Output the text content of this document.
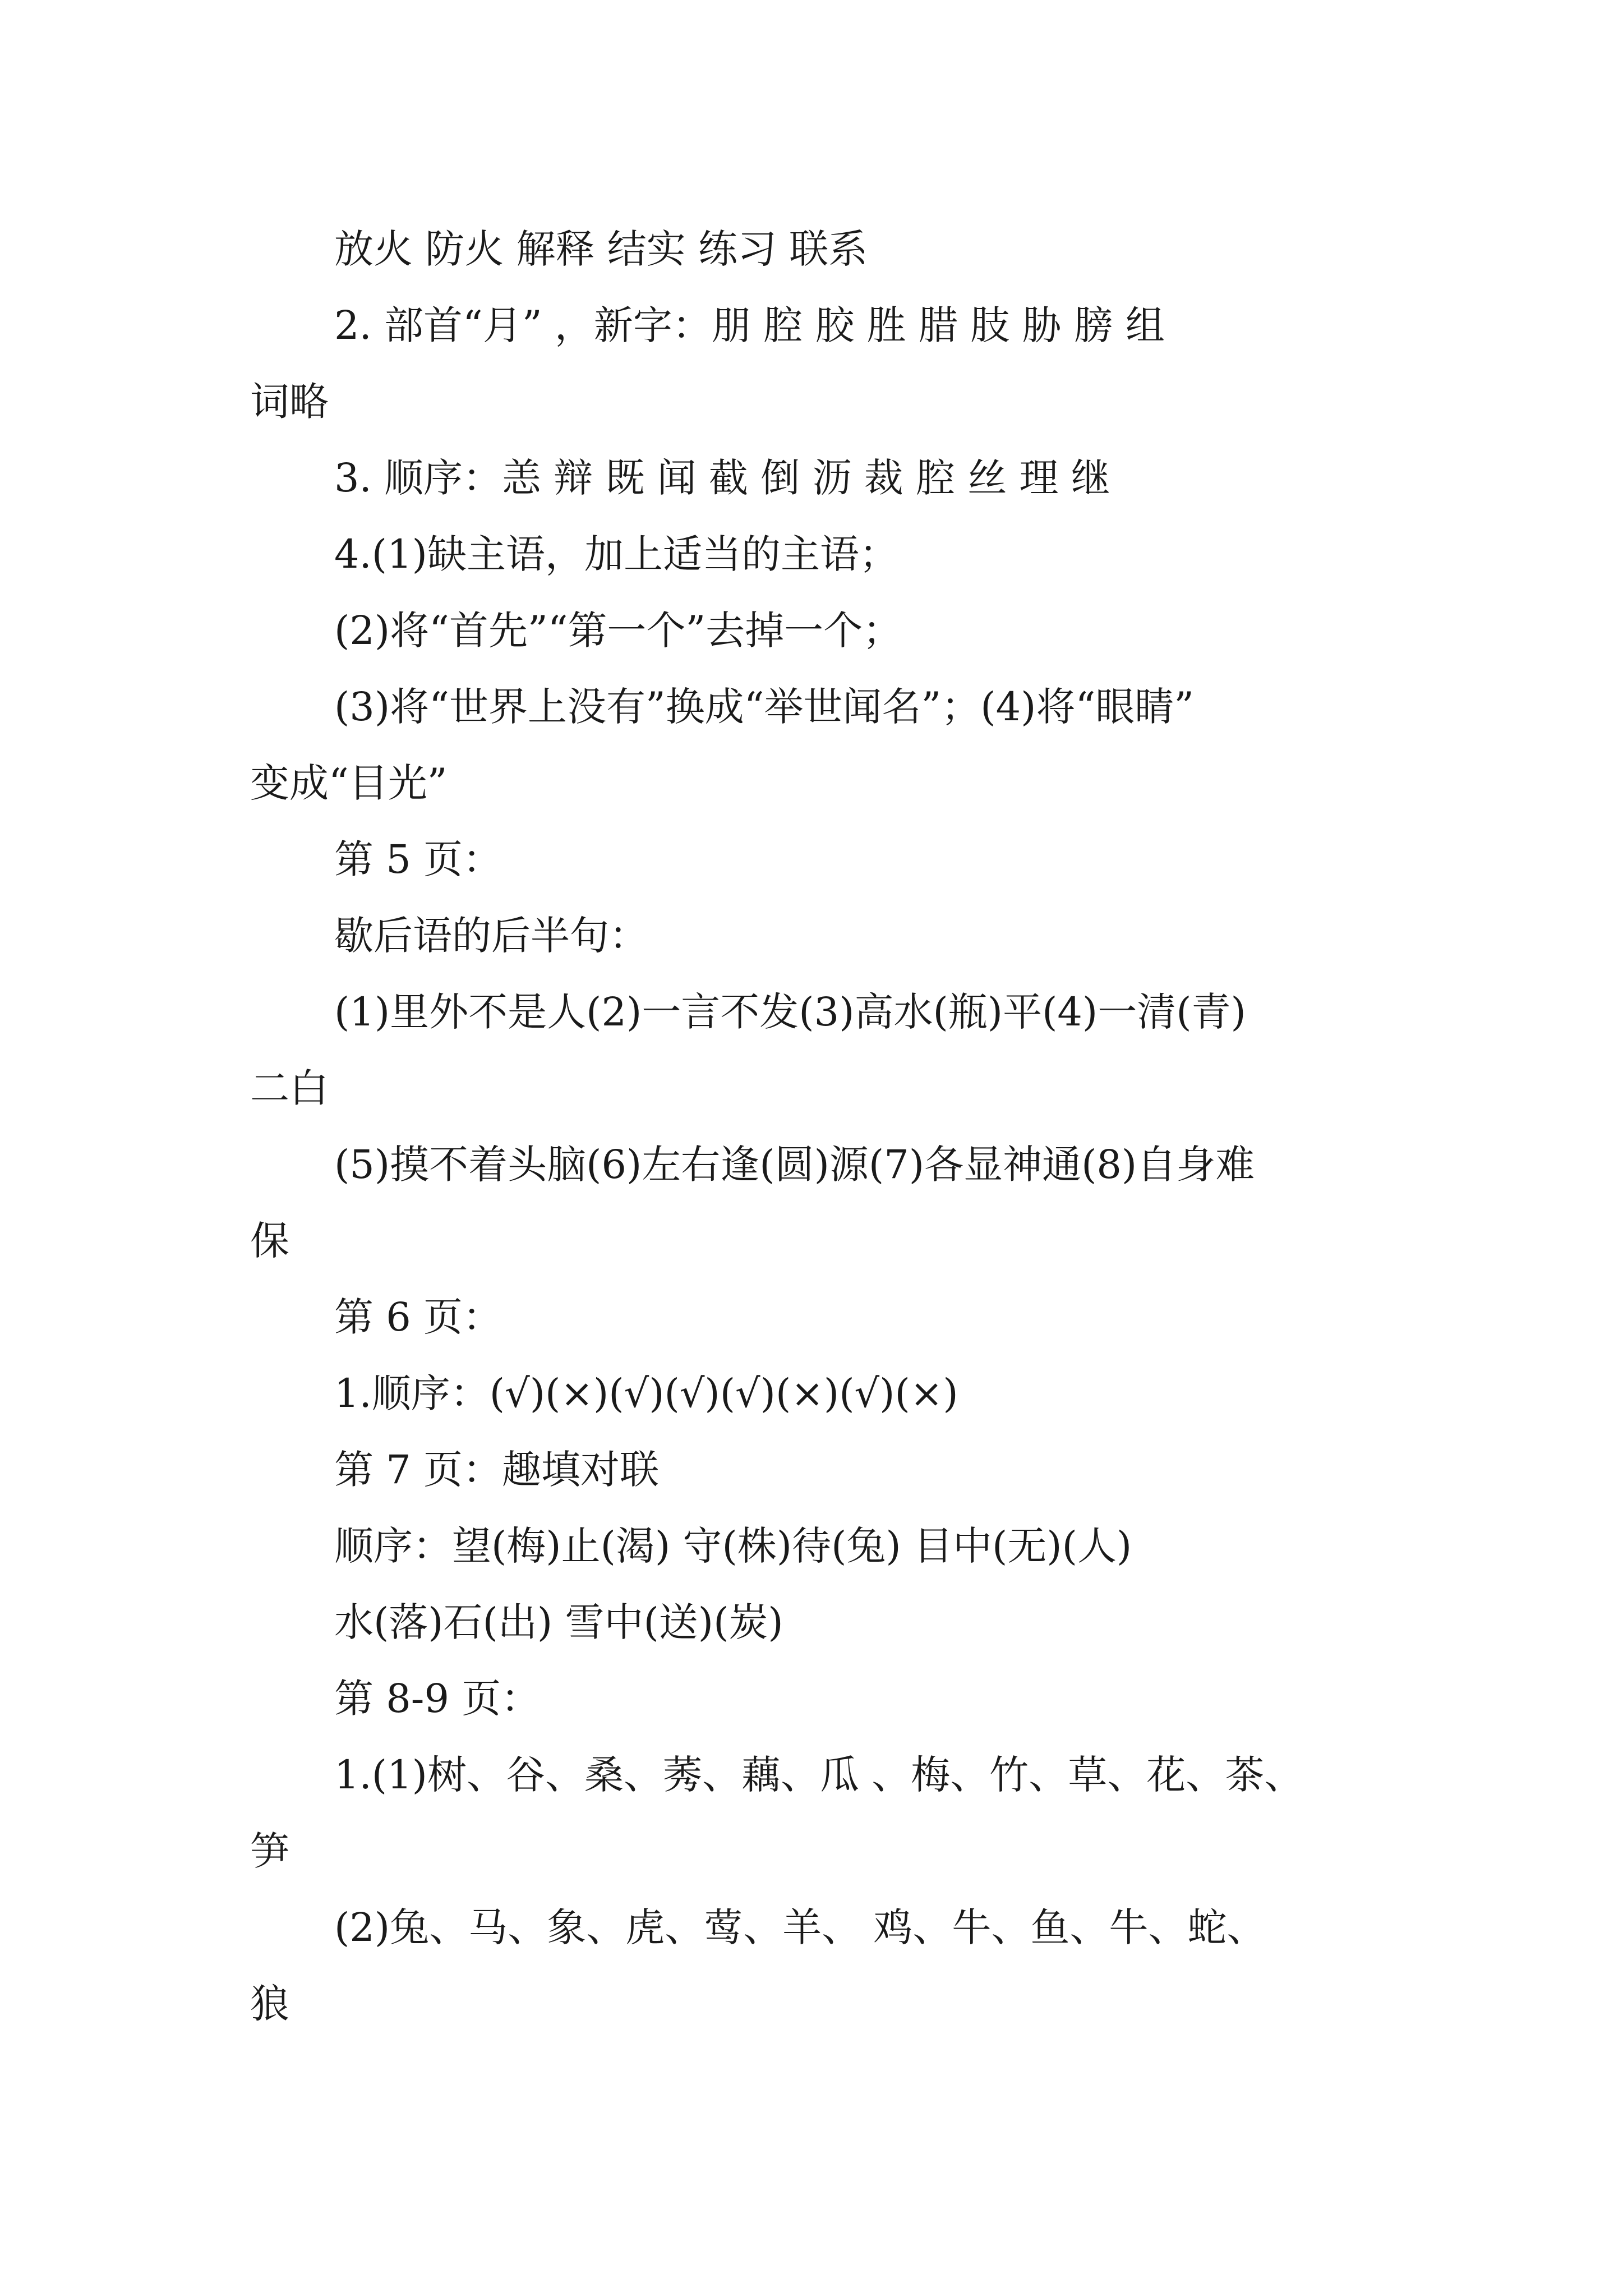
放火 防火 解释 结实 练习 联系
2. 部首“月” ，新字：朋 腔 胶 胜 腊 肢 胁 膀 组
词略
3. 顺序：恙 辩 既 闻 截 倒 沥 裁 腔 丝 理 继
4.(1)缺主语，加上适当的主语；
(2)将“首先”“第一个”去掉一个；
(3)将“世界上没有”换成“举世闻名”；(4)将“眼睛”
变成“目光”
第 5 页：
歇后语的后半句：
(1)里外不是人(2)一言不发(3)高水(瓶)平(4)一清(青)
二白
(5)摸不着头脑(6)左右逢(圆)源(7)各显神通(8)自身难
保
第 6 页：
1.顺序：(√)(×)(√)(√)(√)(×)(√)(×)
第 7 页：趣填对联
顺序：望(梅)止(渴) 守(株)待(兔) 目中(无)(人)
水(落)石(出) 雪中(送)(炭)
第 8-9 页：
1.(1)树、谷、桑、莠、藕、瓜 、梅、竹、草、花、茶、
笋
(2)兔、马、象、虎、莺、羊、 鸡、牛、鱼、牛、蛇、
狼
